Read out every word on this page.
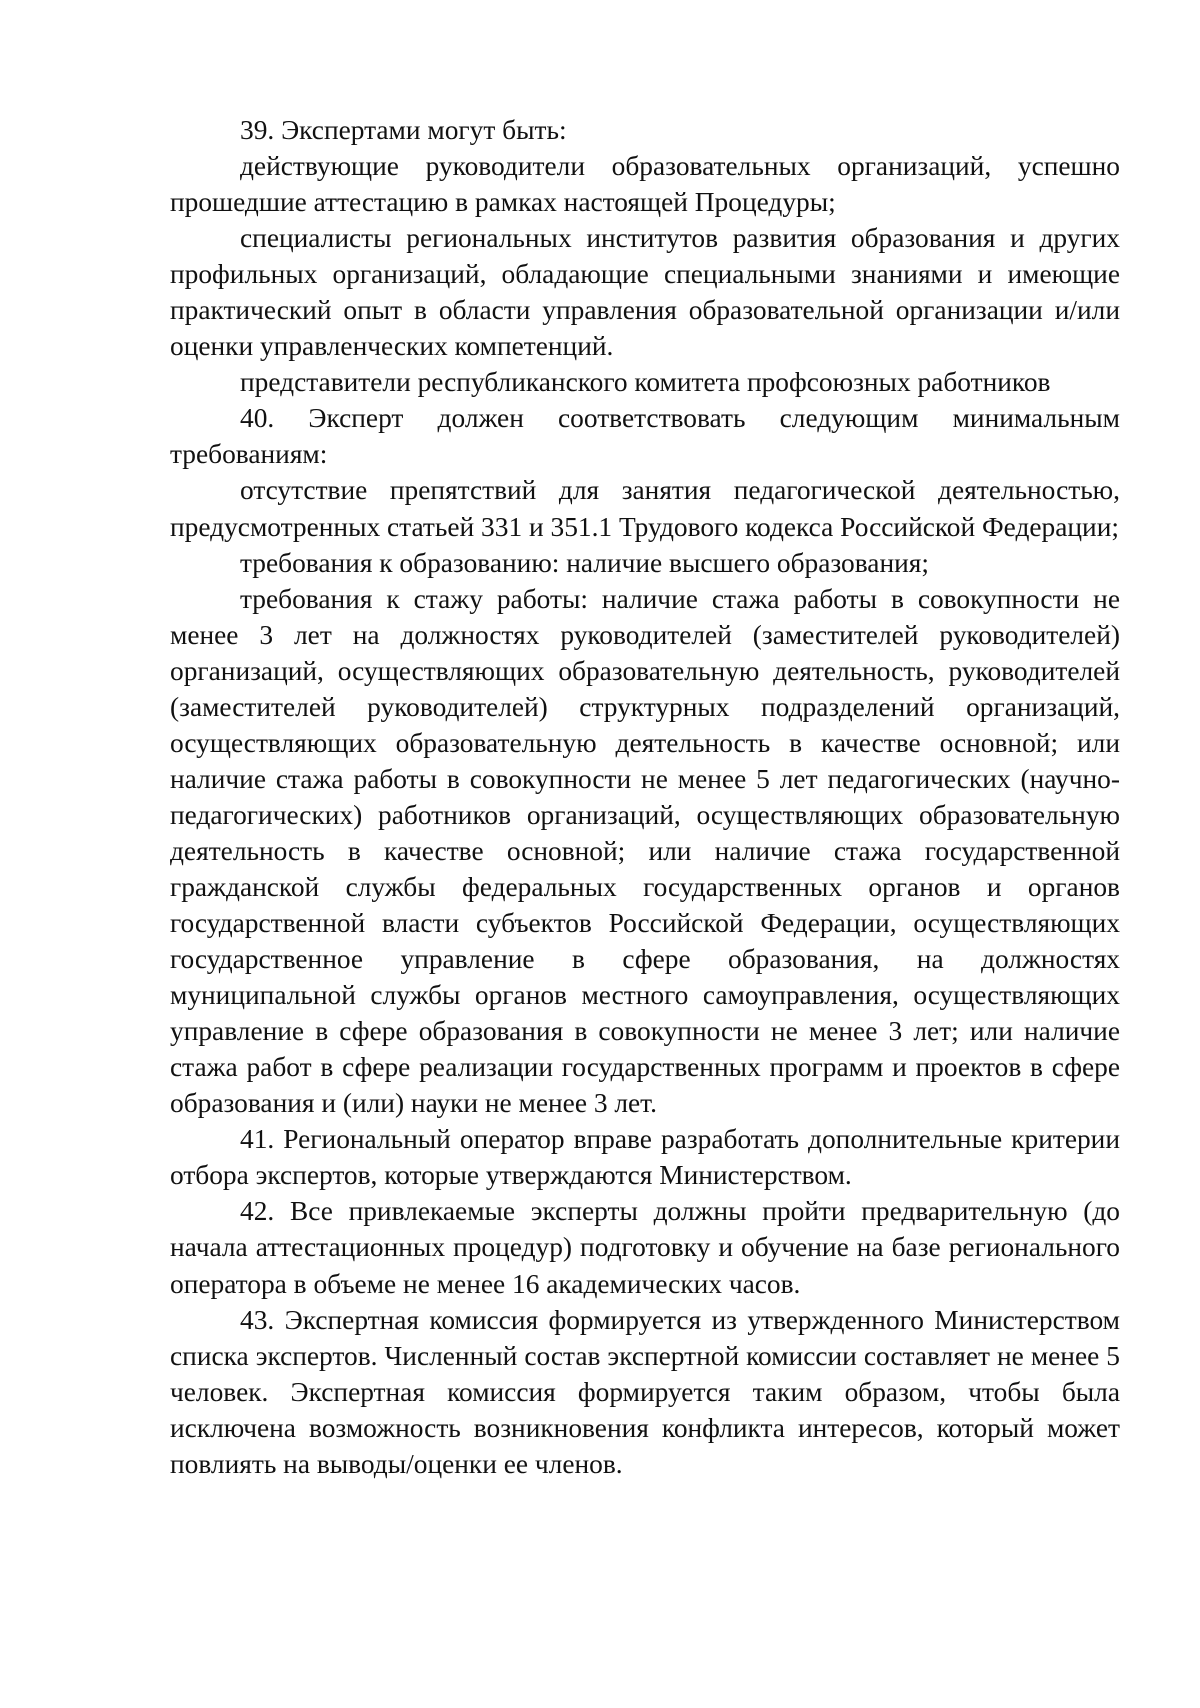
39. Экспертами могут быть:

действующие руководители образовательных организаций, успешно прошедшие аттестацию в рамках настоящей Процедуры;

специалисты региональных институтов развития образования и других профильных организаций, обладающие специальными знаниями и имеющие практический опыт в области управления образовательной организации и/или оценки управленческих компетенций.

представители республиканского комитета профсоюзных работников

40. Эксперт должен соответствовать следующим минимальным требованиям:

отсутствие препятствий для занятия педагогической деятельностью, предусмотренных статьей 331 и 351.1 Трудового кодекса Российской Федерации;

требования к образованию: наличие высшего образования;

требования к стажу работы: наличие стажа работы в совокупности не менее 3 лет на должностях руководителей (заместителей руководителей) организаций, осуществляющих образовательную деятельность, руководителей (заместителей руководителей) структурных подразделений организаций, осуществляющих образовательную деятельность в качестве основной; или наличие стажа работы в совокупности не менее 5 лет педагогических (научно-педагогических) работников организаций, осуществляющих образовательную деятельность в качестве основной; или наличие стажа государственной гражданской службы федеральных государственных органов и органов государственной власти субъектов Российской Федерации, осуществляющих государственное управление в сфере образования, на должностях муниципальной службы органов местного самоуправления, осуществляющих управление в сфере образования в совокупности не менее 3 лет; или наличие стажа работ в сфере реализации государственных программ и проектов в сфере образования и (или) науки не менее 3 лет.

41. Региональный оператор вправе разработать дополнительные критерии отбора экспертов, которые утверждаются Министерством.

42. Все привлекаемые эксперты должны пройти предварительную (до начала аттестационных процедур) подготовку и обучение на базе регионального оператора в объеме не менее 16 академических часов.

43. Экспертная комиссия формируется из утвержденного Министерством списка экспертов. Численный состав экспертной комиссии составляет не менее 5 человек. Экспертная комиссия формируется таким образом, чтобы была исключена возможность возникновения конфликта интересов, который может повлиять на выводы/оценки ее членов.
